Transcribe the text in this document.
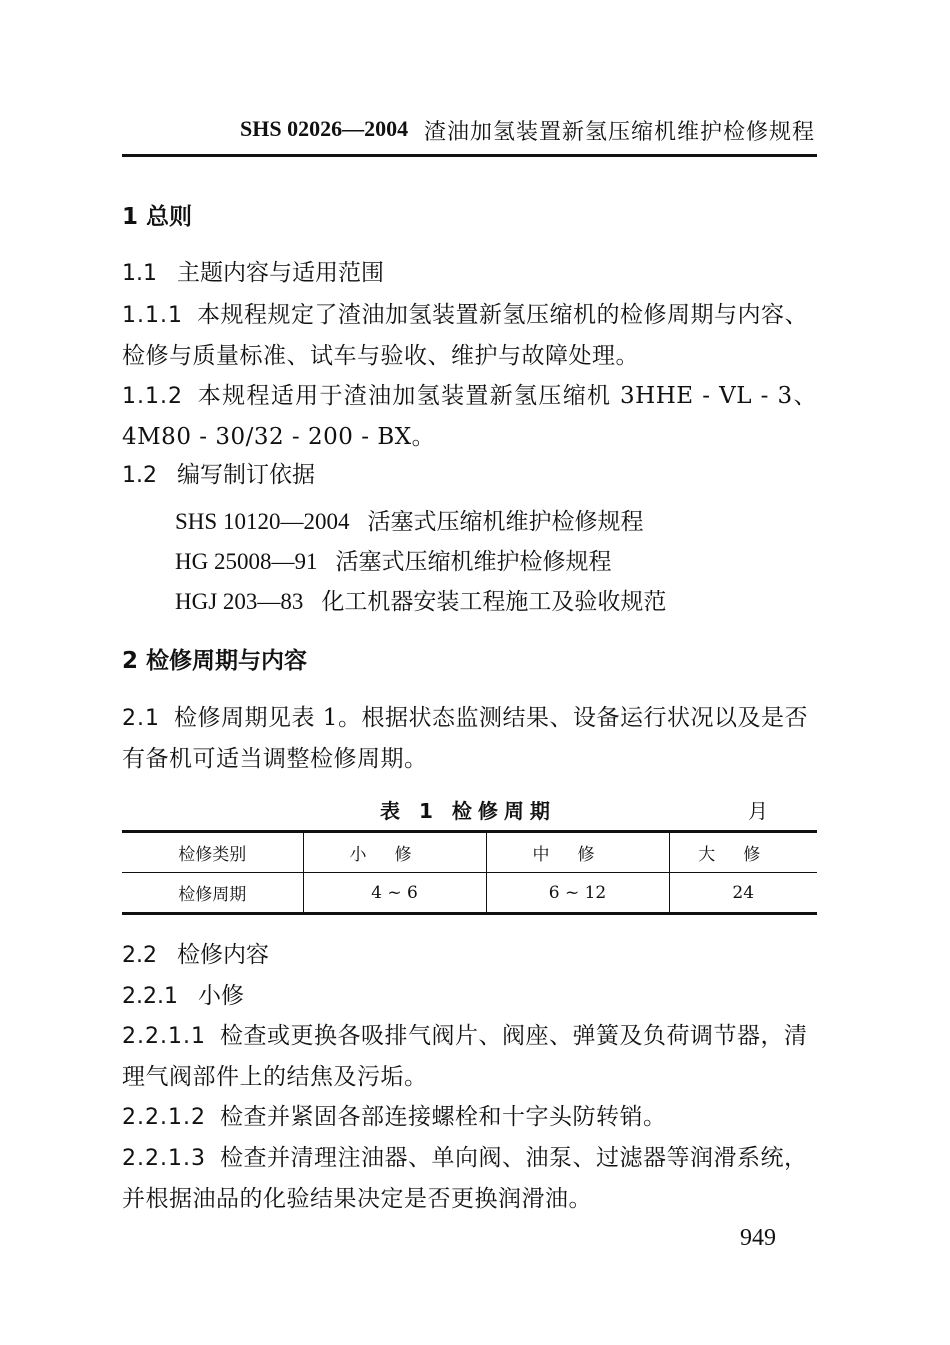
SHS 02026—2004 渣油加氢装置新氢压缩机维护检修规程
1 总则
1.1 主题内容与适用范围
1.1.1 本规程规定了渣油加氢装置新氢压缩机的检修周期与内容、检修与质量标准、试车与验收、维护与故障处理。
1.1.2 本规程适用于渣油加氢装置新氢压缩机 3HHE - VL - 3、4M80 - 30/32 - 200 - BX。
1.2 编写制订依据
SHS 10120—2004 活塞式压缩机维护检修规程
HG 25008—91 活塞式压缩机维护检修规程
HGJ 203—83 化工机器安装工程施工及验收规范
2 检修周期与内容
2.1 检修周期见表 1。根据状态监测结果、设备运行状况以及是否有备机可适当调整检修周期。
表 1 检修周期	月
检修类别	小修	中修	大修
检修周期	4 ~ 6	6 ~ 12	24
2.2 检修内容
2.2.1 小修
2.2.1.1 检查或更换各吸排气阀片、阀座、弹簧及负荷调节器，清理气阀部件上的结焦及污垢。
2.2.1.2 检查并紧固各部连接螺栓和十字头防转销。
2.2.1.3 检查并清理注油器、单向阀、油泵、过滤器等润滑系统，并根据油品的化验结果决定是否更换润滑油。
949
